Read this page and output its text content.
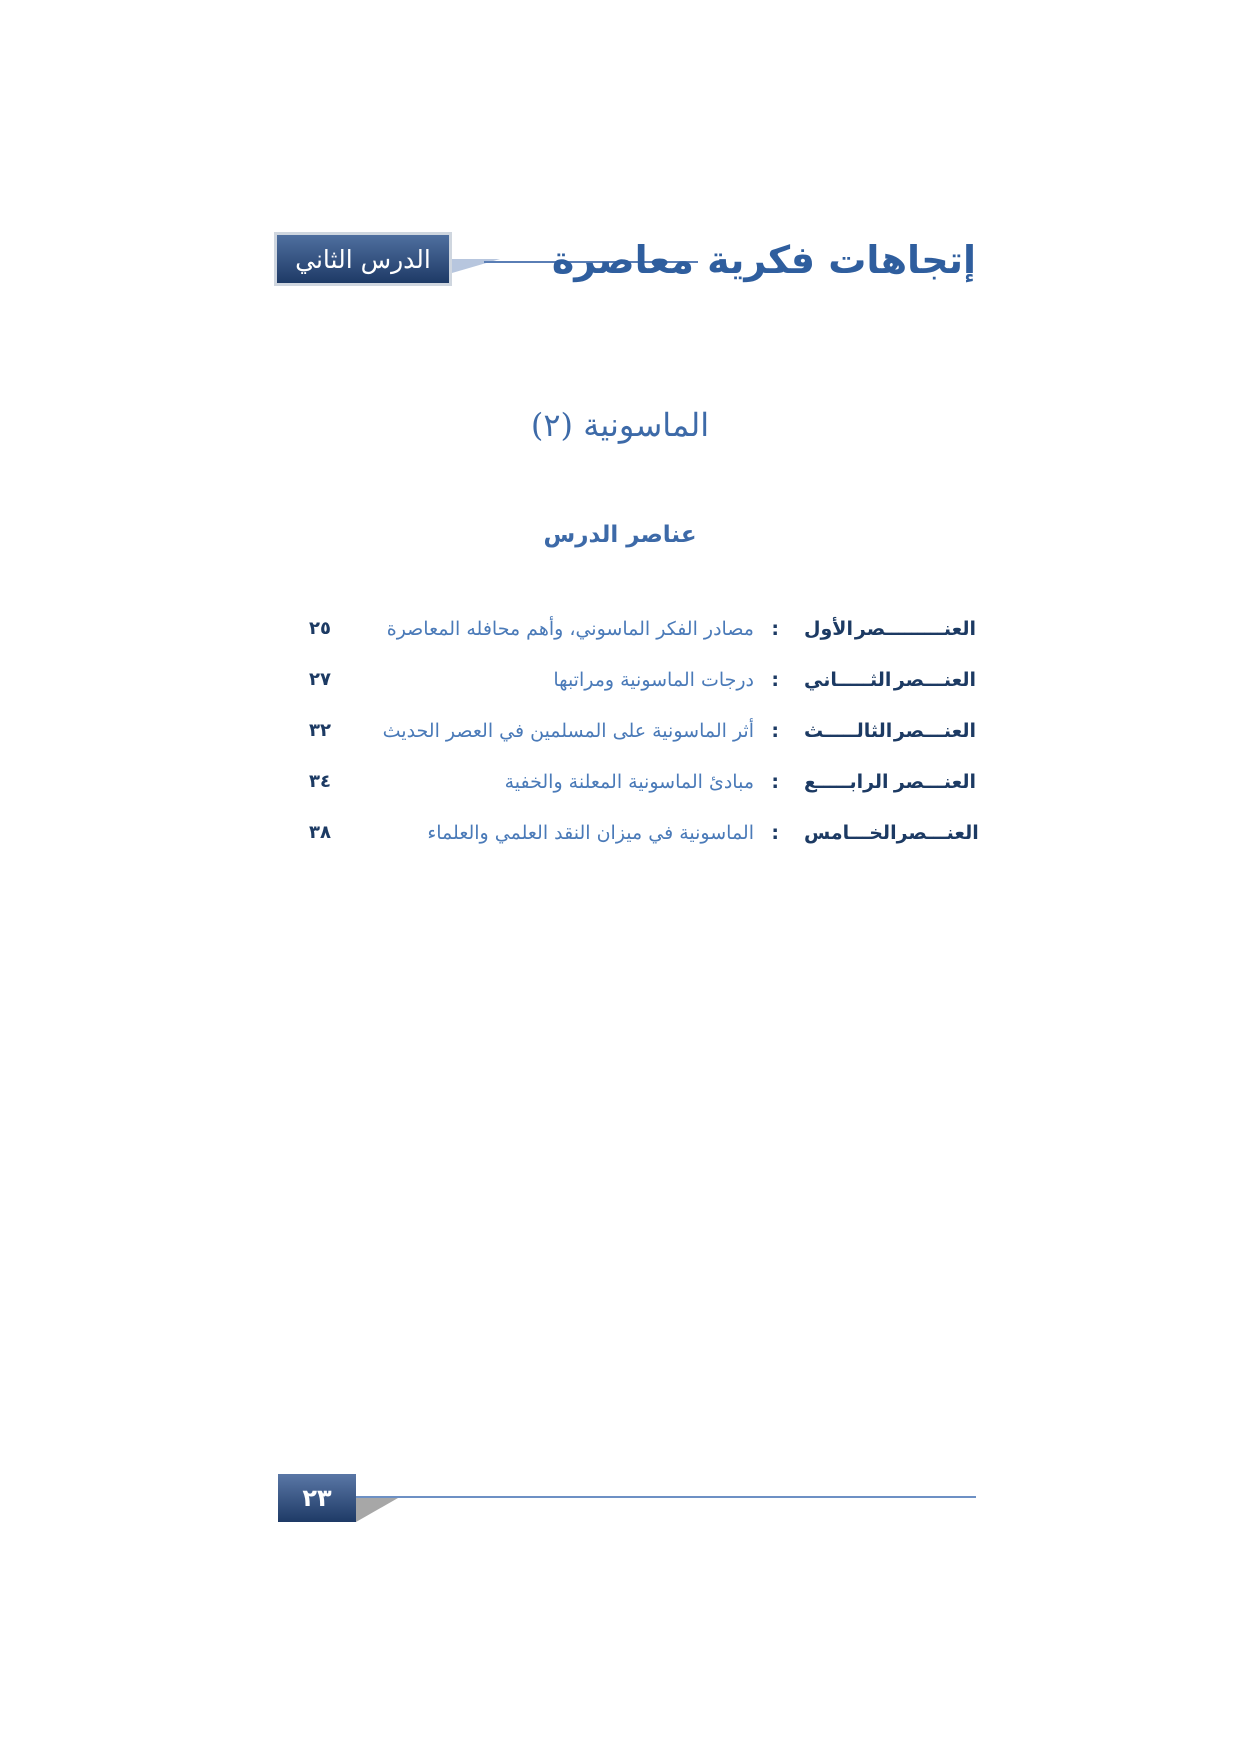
الدرس الثاني	إتجاهات فكرية معاصرة
الماسونية (٢)
عناصر الدرس
الأول العنـــــــــصر
:
مصادر الفكر الماسوني، وأهم محافله المعاصرة
٢٥
الثـــــاني العنـــصر
:
درجات الماسونية ومراتبها
٢٧
الثالـــــث العنـــصر
:
أثر الماسونية على المسلمين في العصر الحديث
٣٢
الرابـــــع العنـــصر
:
مبادئ الماسونية المعلنة والخفية
٣٤
الخـــامس العنـــصر
:
الماسونية في ميزان النقد العلمي والعلماء
٣٨
٢٣
